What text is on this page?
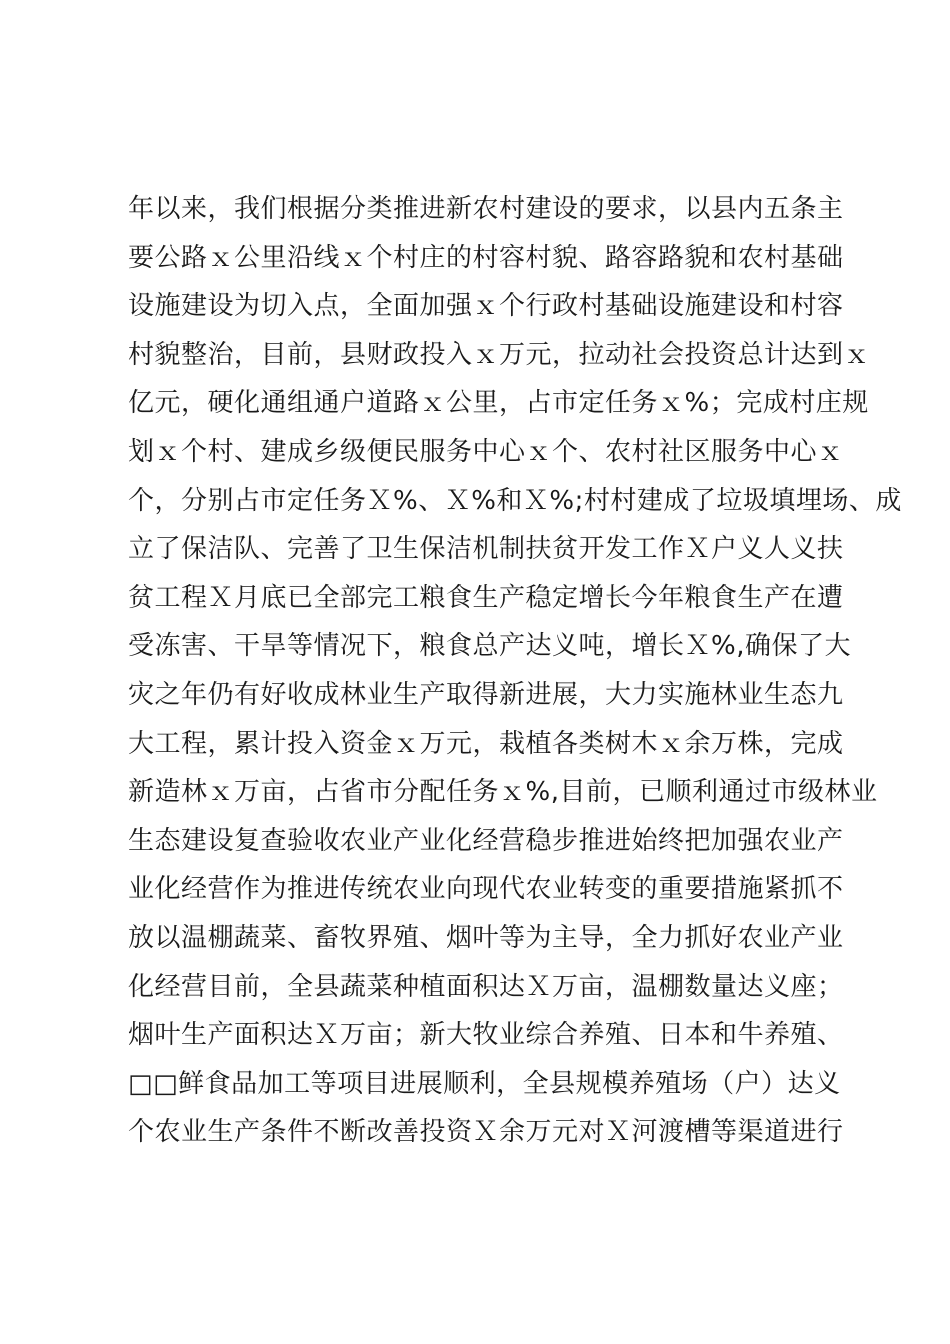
年以来，我们根据分类推进新农村建设的要求，以县内五条主
要公路ｘ公里沿线ｘ个村庄的村容村貌、路容路貌和农村基础
设施建设为切入点，全面加强ｘ个行政村基础设施建设和村容
村貌整治，目前，县财政投入ｘ万元，拉动社会投资总计达到ｘ
亿元，硬化通组通户道路ｘ公里，占市定任务ｘ%；完成村庄规
划ｘ个村、建成乡级便民服务中心ｘ个、农村社区服务中心ｘ
个，分别占市定任务Ｘ%、Ｘ%和Ｘ%;村村建成了垃圾填埋场、成
立了保洁队、完善了卫生保洁机制扶贫开发工作Ｘ户义人义扶
贫工程Ｘ月底已全部完工粮食生产稳定增长今年粮食生产在遭
受冻害、干旱等情况下，粮食总产达义吨，增长Ｘ%,确保了大
灾之年仍有好收成林业生产取得新进展，大力实施林业生态九
大工程，累计投入资金ｘ万元，栽植各类树木ｘ余万株，完成
新造林ｘ万亩，占省市分配任务ｘ%,目前，已顺利通过市级林业
生态建设复查验收农业产业化经营稳步推进始终把加强农业产
业化经营作为推进传统农业向现代农业转变的重要措施紧抓不
放以温棚蔬菜、畜牧界殖、烟叶等为主导，全力抓好农业产业
化经营目前，全县蔬菜种植面积达Ｘ万亩，温棚数量达义座；
烟叶生产面积达Ｘ万亩；新大牧业综合养殖、日本和牛养殖、
□□鲜食品加工等项目进展顺利，全县规模养殖场（户）达义
个农业生产条件不断改善投资Ｘ余万元对Ｘ河渡槽等渠道进行
